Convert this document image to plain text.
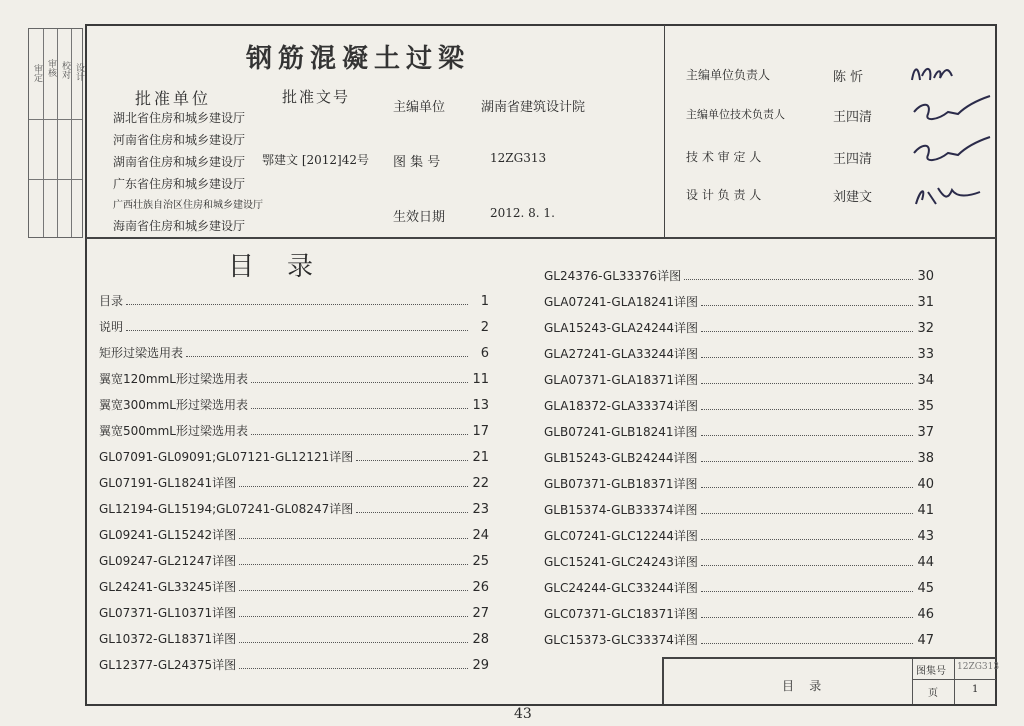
审定 审核 校对 设计	钢筋混凝土过梁
批准单位	批准文号
湖北省住房和城乡建设厅
河南省住房和城乡建设厅
湖南省住房和城乡建设厅
广东省住房和城乡建设厅
广西壮族自治区住房和城乡建设厅
海南省住房和城乡建设厅
鄂建文 [2012]42号
主编单位	湖南省建筑设计院
图 集 号	12ZG313
生效日期	2012. 8. 1.
主编单位负责人	陈 忻
主编单位技术负责人	王四清
技 术 审 定 人	王四清
设 计 负 责 人	刘建文
目    录
目录	1
说明	2
矩形过梁选用表	6
翼宽120mmL形过梁选用表	11
翼宽300mmL形过梁选用表	13
翼宽500mmL形过梁选用表	17
GL07091-GL09091;GL07121-GL12121详图	21
GL07191-GL18241详图	22
GL12194-GL15194;GL07241-GL08247详图	23
GL09241-GL15242详图	24
GL09247-GL21247详图	25
GL24241-GL33245详图	26
GL07371-GL10371详图	27
GL10372-GL18371详图	28
GL12377-GL24375详图	29
GL24376-GL33376详图	30
GLA07241-GLA18241详图	31
GLA15243-GLA24244详图	32
GLA27241-GLA33244详图	33
GLA07371-GLA18371详图	34
GLA18372-GLA33374详图	35
GLB07241-GLB18241详图	37
GLB15243-GLB24244详图	38
GLB07371-GLB18371详图	40
GLB15374-GLB33374详图	41
GLC07241-GLC12244详图	43
GLC15241-GLC24243详图	44
GLC24244-GLC33244详图	45
GLC07371-GLC18371详图	46
GLC15373-GLC33374详图	47
目    录
图集号 12ZG313
页	1
43
